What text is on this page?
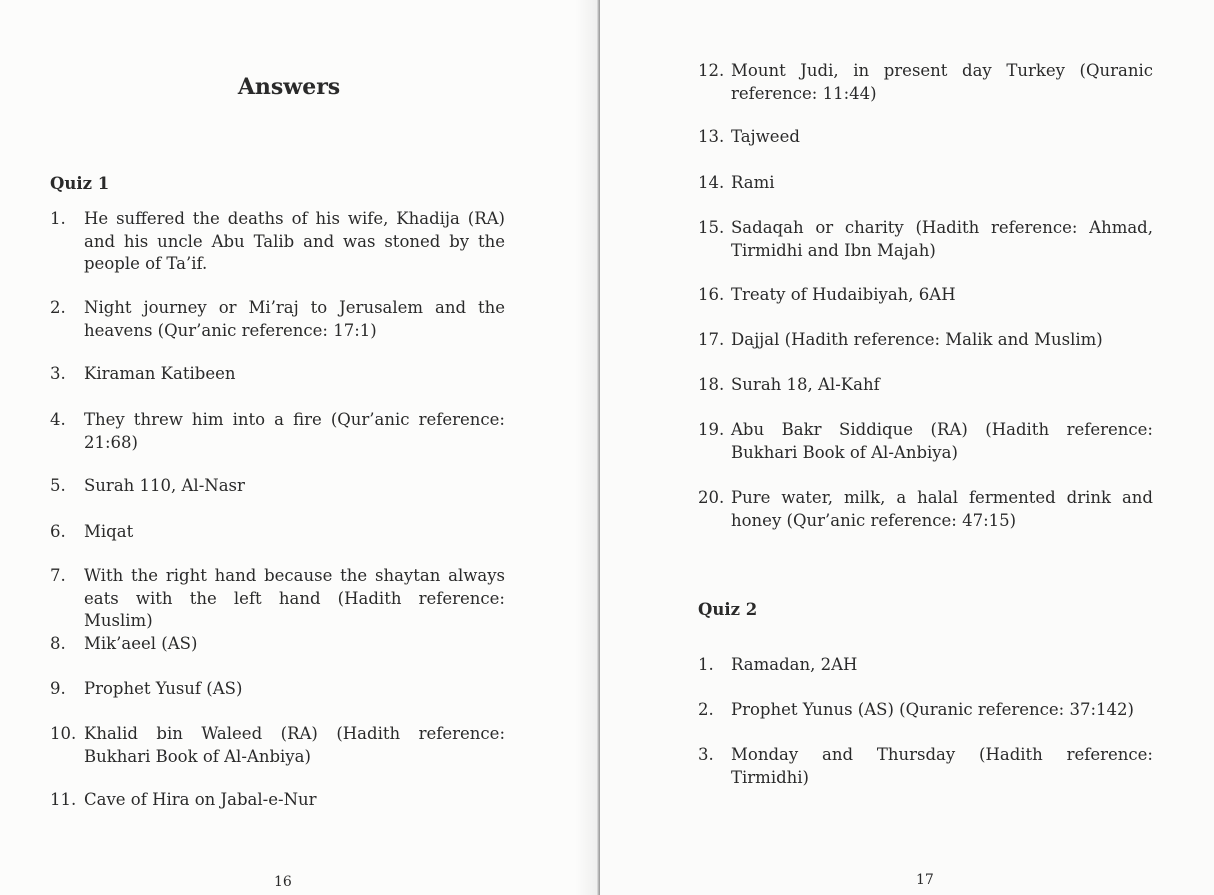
Answers
Quiz 1
16
1. He suffered the deaths of his wife, Khadija (RA) and his uncle Abu Talib and was stoned by the people of Ta’if.
2. Night journey or Mi’raj to Jerusalem and the heavens (Qur’anic reference: 17:1)
3. Kiraman Katibeen
4. They threw him into a fire (Qur’anic reference: 21:68)
5. Surah 110, Al-Nasr
6. Miqat
7. With the right hand because the shaytan always eats with the left hand (Hadith reference: Muslim)
8. Mik’aeel (AS)
9. Prophet Yusuf (AS)
10. Khalid bin Waleed (RA) (Hadith reference: Bukhari Book of Al-Anbiya)
11. Cave of Hira on Jabal-e-Nur
Quiz 2
17
12. Mount Judi, in present day Turkey (Quranic reference: 11:44)
13. Tajweed
14. Rami
15. Sadaqah or charity (Hadith reference: Ahmad, Tirmidhi and Ibn Majah)
16. Treaty of Hudaibiyah, 6AH
17. Dajjal (Hadith reference: Malik and Muslim)
18. Surah 18, Al-Kahf
19. Abu Bakr Siddique (RA) (Hadith reference: Bukhari Book of Al-Anbiya)
20. Pure water, milk, a halal fermented drink and honey (Qur’anic reference: 47:15)
1. Ramadan, 2AH
2. Prophet Yunus (AS) (Quranic reference: 37:142)
3. Monday and Thursday (Hadith reference: Tirmidhi)
